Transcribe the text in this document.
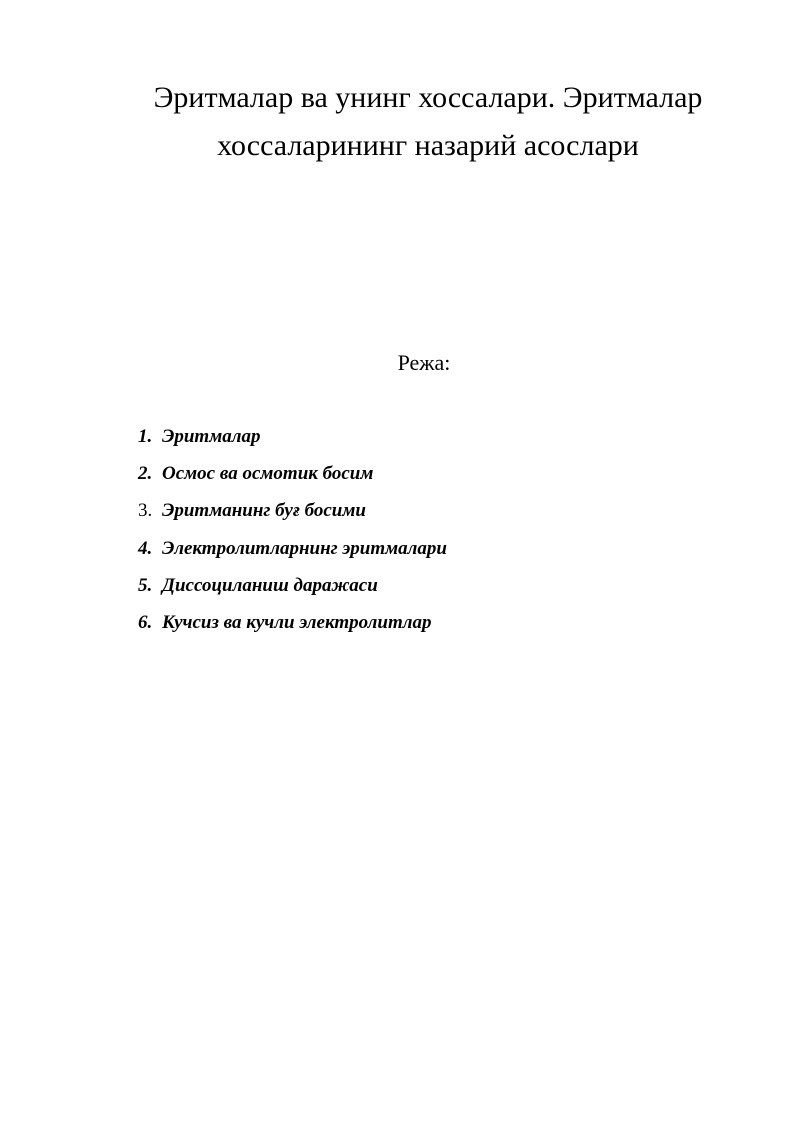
Эритмалар ва унинг хоссалари. Эритмалар
хоссаларининг назарий асослари

Режа:

1. Эритмалар
2. Осмос ва осмотик босим
3. Эритманинг буғ босими
4. Электролитларнинг эритмалари
5. Диссоциланиш даражаси
6. Кучсиз ва кучли электролитлар
